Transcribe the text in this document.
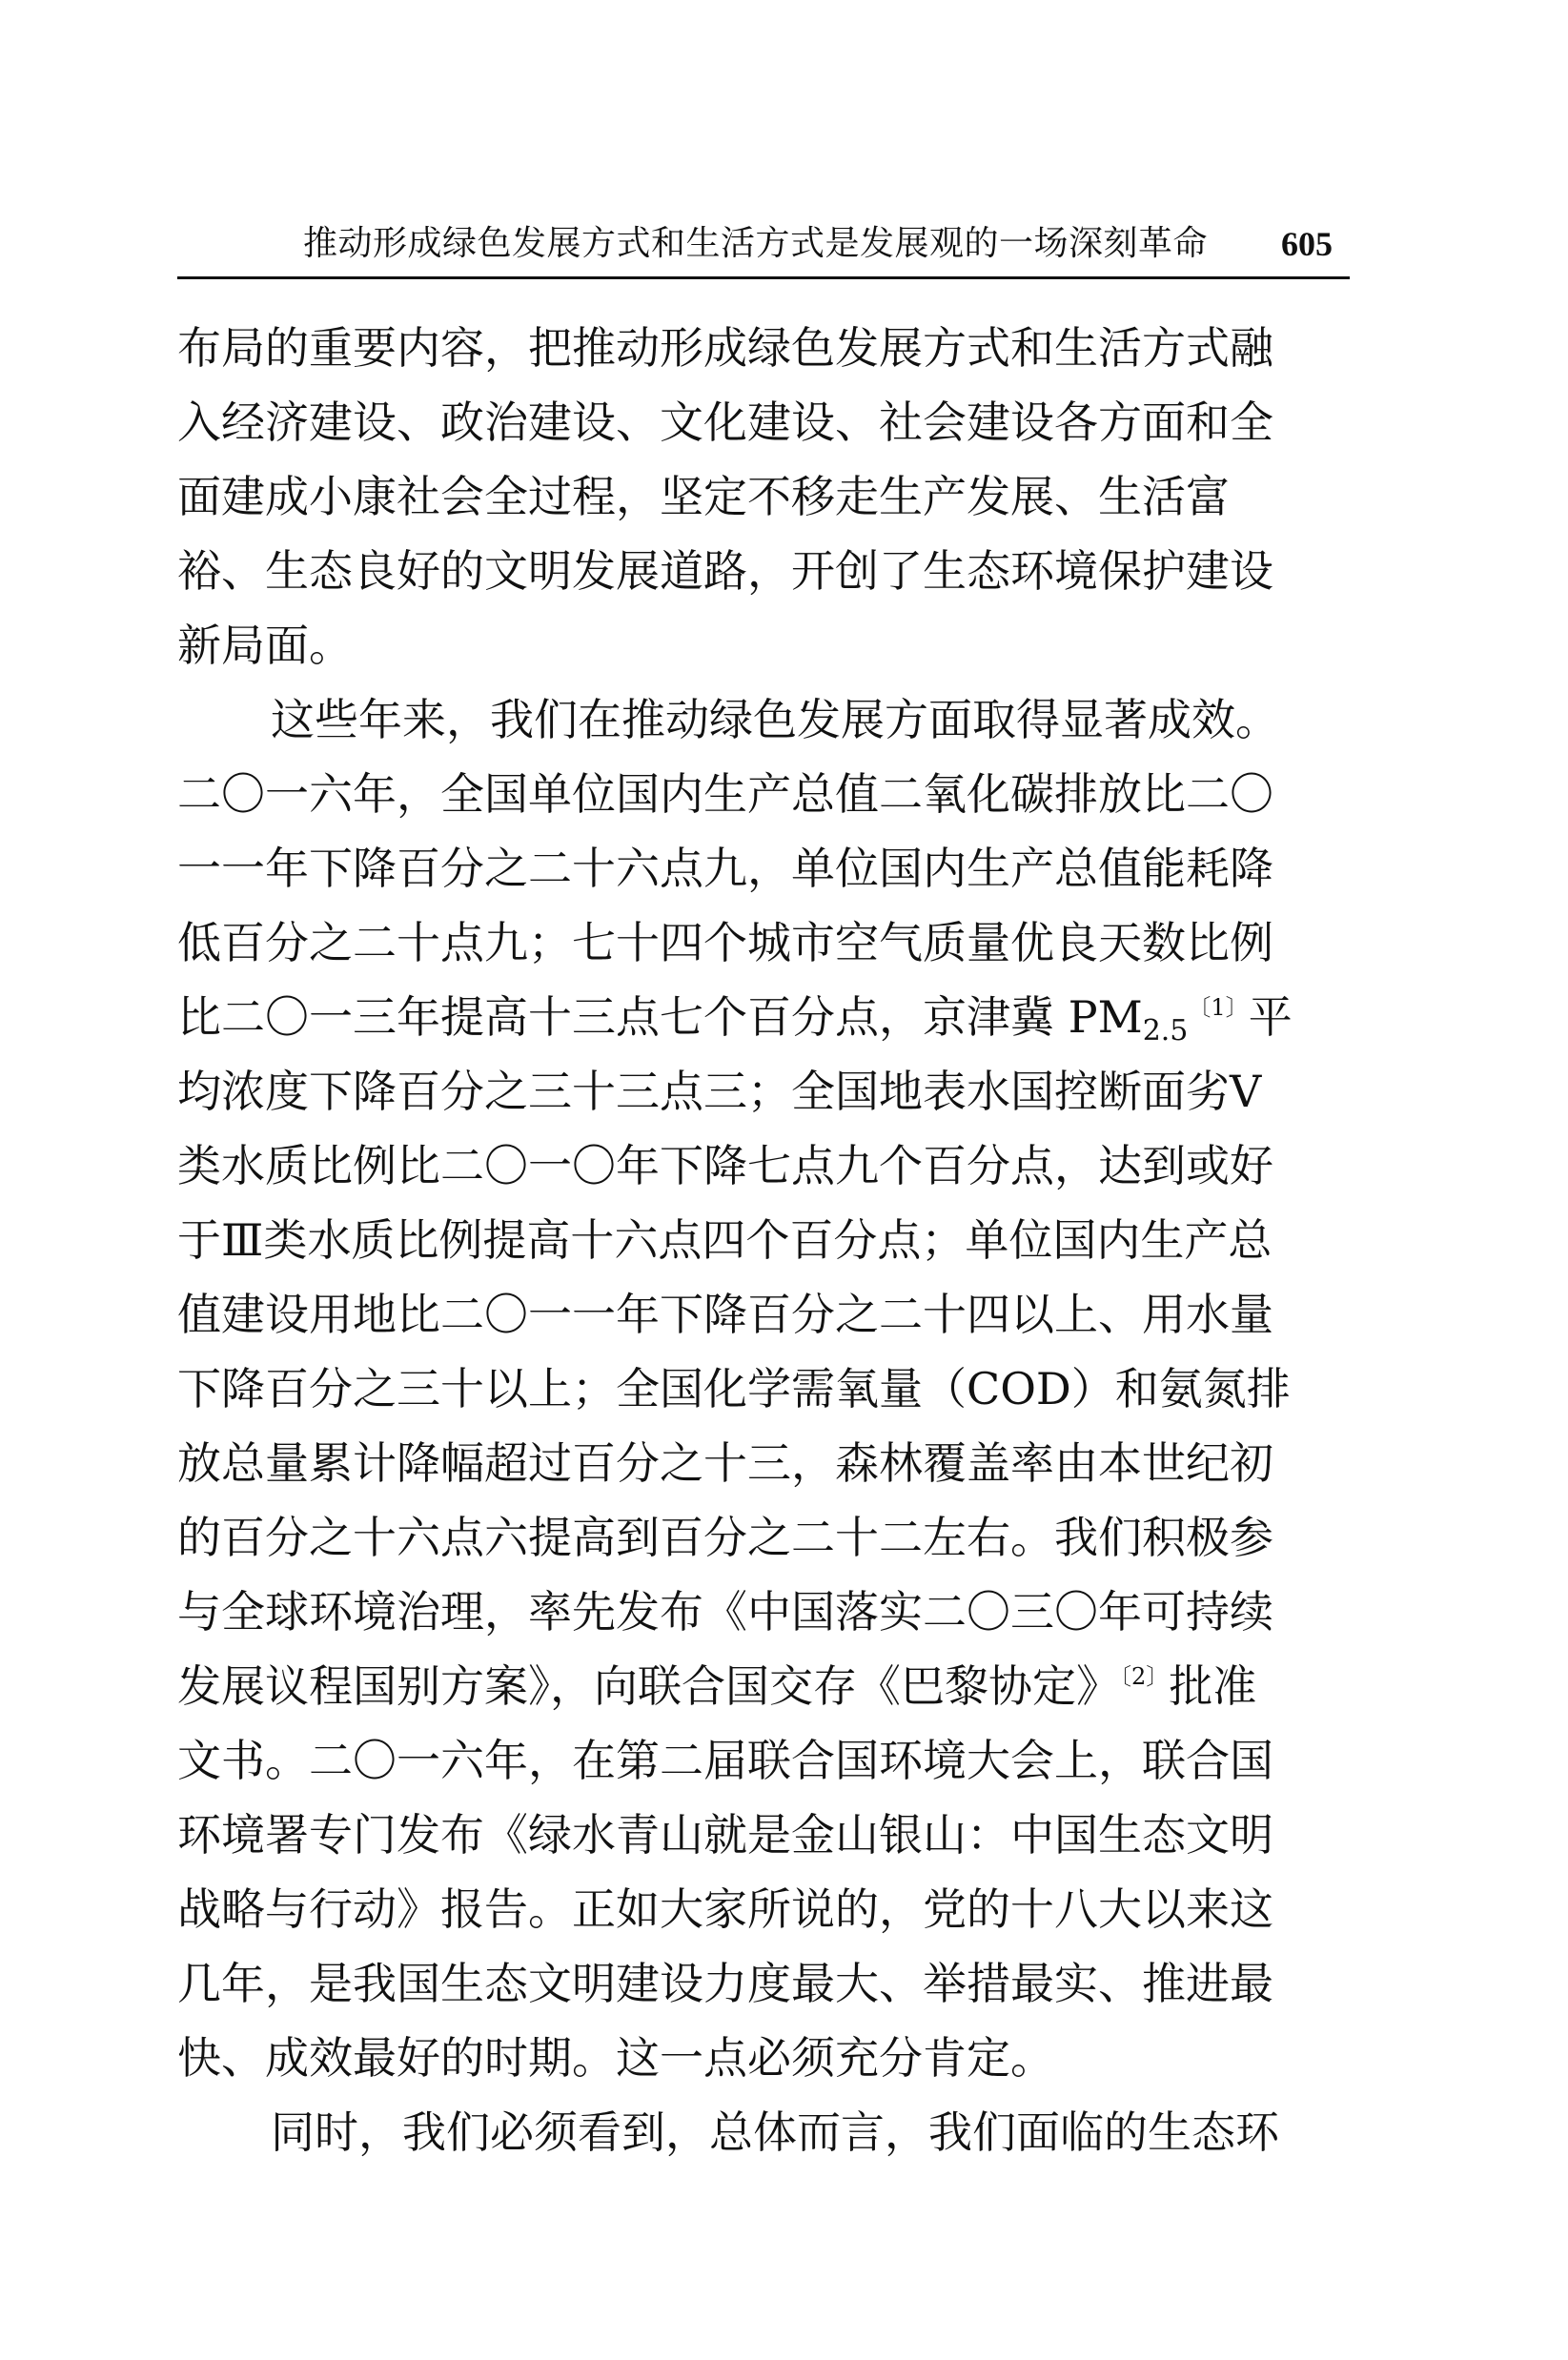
推动形成绿色发展方式和生活方式是发展观的一场深刻革命 605
布局的重要内容，把推动形成绿色发展方式和生活方式融
入经济建设、政治建设、文化建设、社会建设各方面和全
面建成小康社会全过程，坚定不移走生产发展、生活富
裕、生态良好的文明发展道路，开创了生态环境保护建设
新局面。
这些年来，我们在推动绿色发展方面取得显著成效。
二〇一六年，全国单位国内生产总值二氧化碳排放比二〇
一一年下降百分之二十六点九，单位国内生产总值能耗降
低百分之二十点九；七十四个城市空气质量优良天数比例
比二〇一三年提高十三点七个百分点，京津冀 $PM_{2.5}^{〔1〕}$平
均浓度下降百分之三十三点三；全国地表水国控断面劣Ⅴ
类水质比例比二〇一〇年下降七点九个百分点，达到或好
于Ⅲ类水质比例提高十六点四个百分点；单位国内生产总
值建设用地比二〇一一年下降百分之二十四以上、用水量
下降百分之三十以上；全国化学需氧量（COD）和氨氮排
放总量累计降幅超过百分之十三，森林覆盖率由本世纪初
的百分之十六点六提高到百分之二十二左右。我们积极参
与全球环境治理，率先发布《中国落实二〇三〇年可持续
发展议程国别方案》，向联合国交存《巴黎协定》$^{〔2〕}$批准
文书。二〇一六年，在第二届联合国环境大会上，联合国
环境署专门发布《绿水青山就是金山银山：中国生态文明
战略与行动》报告。正如大家所说的，党的十八大以来这
几年，是我国生态文明建设力度最大、举措最实、推进最
快、成效最好的时期。这一点必须充分肯定。
同时，我们必须看到，总体而言，我们面临的生态环
